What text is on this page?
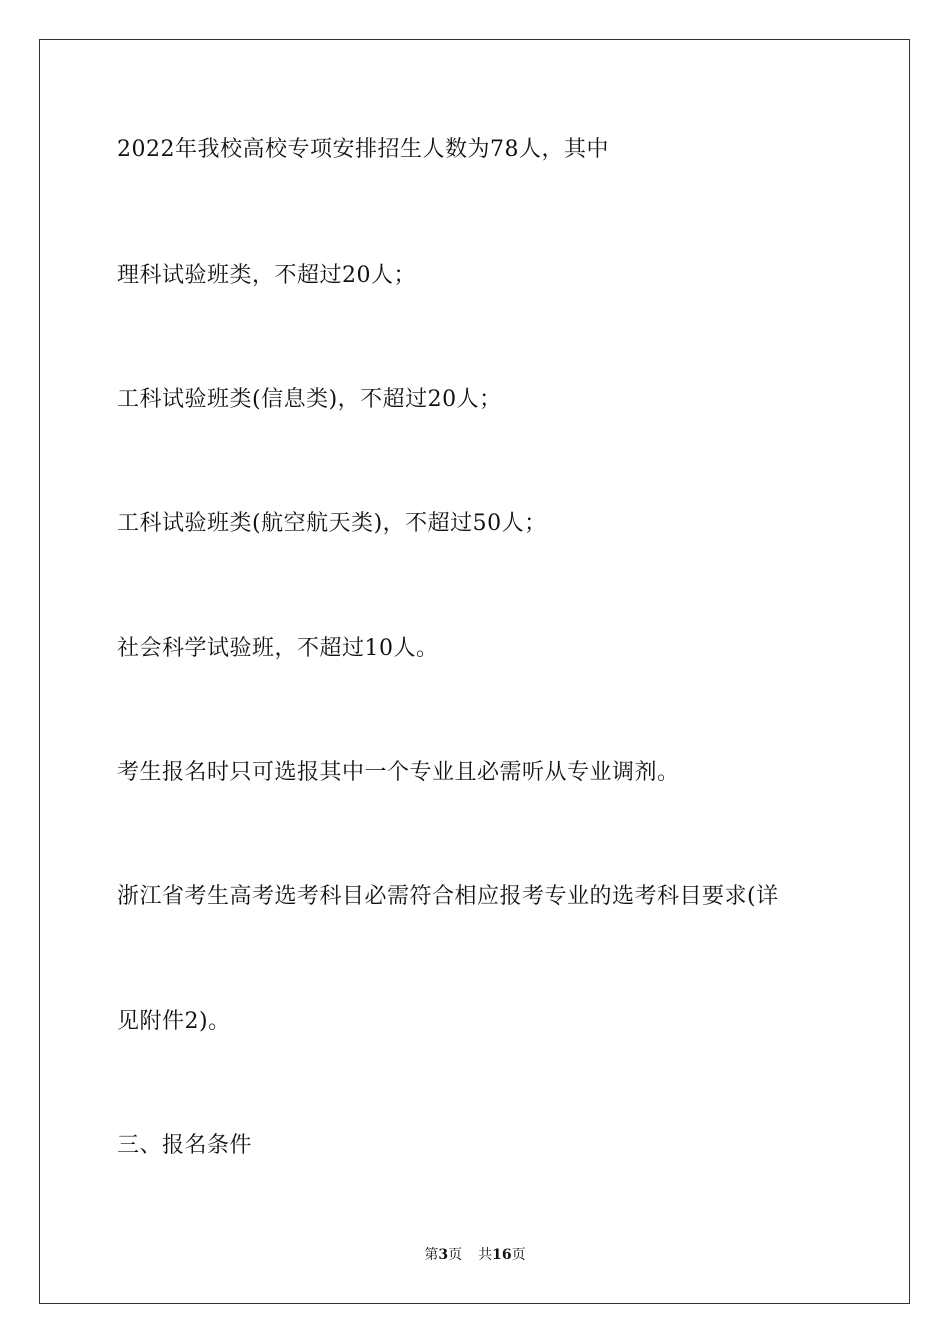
2022年我校高校专项安排招生人数为78人，其中
理科试验班类，不超过20人；
工科试验班类(信息类)，不超过20人；
工科试验班类(航空航天类)，不超过50人；
社会科学试验班，不超过10人。
考生报名时只可选报其中一个专业且必需听从专业调剂。
浙江省考生高考选考科目必需符合相应报考专业的选考科目要求(详
见附件2)。
三、报名条件
第3页 共16页
